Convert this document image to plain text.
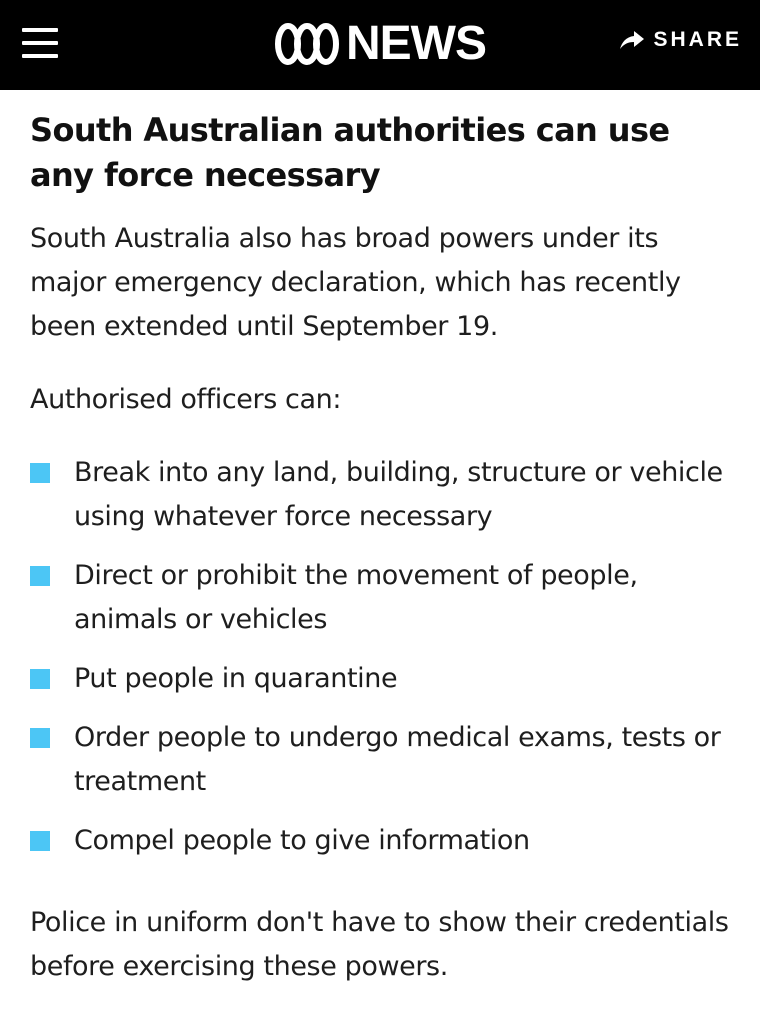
NEWS	SHARE
South Australian authorities can use any force necessary

South Australia also has broad powers under its major emergency declaration, which has recently been extended until September 19.

Authorised officers can:

Break into any land, building, structure or vehicle using whatever force necessary
Direct or prohibit the movement of people, animals or vehicles
Put people in quarantine
Order people to undergo medical exams, tests or treatment
Compel people to give information

Police in uniform don't have to show their credentials before exercising these powers.
